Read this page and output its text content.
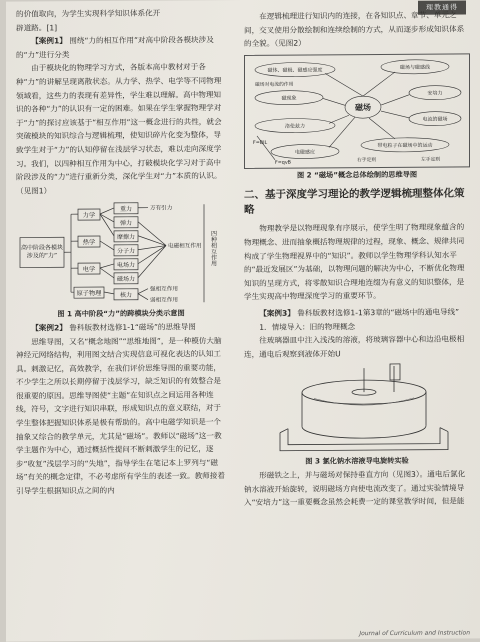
理教通得

的价值取向，为学生实现科学知识体系化开

辟道路。[1]

【案例1】 围绕“力的相互作用”对高中阶段各模块涉及的“力”进行分类

由于模块化的物理学习方式，各版本高中教材对于各种“力”的讲解呈现离散状态。从力学、热学、电学等不同物理领域看，这些力的表现有差异性，学生难以理解。高中物理知识的各种“力”的认识有一定的困难。如果在学生掌握物理学对于“力”的探讨应该基于“相互作用”这一概念进行的共性，就会突破模块的知识综合与逻辑梳理，使知识碎片化变为整体，导致学生对于“力”的认知停留在浅层学习状态，难以走向深度学习。我们，以四种相互作用为中心，打破模块化学习对于高中阶段涉及的“力”进行重新分类，深化学生对“力”本质的认识。（见图1）

高中阶段各模块
涉及的“力”
力学
热学
电学
原子物理
重力
弹力
摩擦力
分子力
电场力
磁场力
核力
万有引力
电磁相互作用
强相互作用
弱相互作用
四种相互作用

图 1 高中阶段“力”的跨模块分类示意图

【案例2】 鲁科版教材选修1-1“磁场”的思维导图

思维导图，又名“概念地图”“思维地图”，是一种模仿大脑神经元网络结构，利用图文结合实现信息可视化表达的认知工具。刺激记忆，高效教学，在我们评价思维导图的重要功能，不少学生之所以长期停留于浅层学习，缺乏知识的有效整合是很重要的原因。思维导图使“主题”在知识点之间运用各种连线，符号，文字进行知识串联，形成知识点的意义联结，对于学生整体把握知识体系是极有帮助的。高中电磁学知识是一个抽象又综合的教学单元，尤其是“磁场”。教师以“磁场”这一教学主题作为中心，通过概括性提问不断刺激学生的记忆，逐步“收复”浅层学习的“失地”，指导学生在笔记本上罗列与“磁场”有关的概念定律，不必考虑所有学生的表述一致。教师接着引导学生根据知识点之间的内

在逻辑梳理进行知识内的连接，在各知识点、章节、单元之间，交叉使用分散绘制和连续绘制的方式，从而逐步形成知识体系的全貌。（见图2）

磁场
磁体、磁极、磁感应强度	磁场与磁感线
安培力
磁现象
电流的磁场
洛伦兹力
带电粒子在磁场中的运动
电磁感应
磁场对电流的作用
F=BIL
F=qvB
右手定则	左手定则

图 2 “磁场”概念总体绘制的思维导图

二、基于深度学习理论的教学逻辑梳理整体化策略

物理教学是以物理现象有序展示，使学生明了物理现象蕴含的物理概念、进而抽象概括物理规律的过程，现象、概念、规律共同构成了学生物理视界中的“知识”。教师以学生物理学科认知水平的“最近发展区”为基础，以物理问题的解决为中心，不断优化物理知识的呈现方式，将零散知识合理地连缀为有意义的知识整体，是学生实现高中物理深度学习的重要环节。

【案例3】 鲁科版教材选修1-1第3章的“磁场中的通电导线”

1．情境导入：旧的物理概念

往玻璃器皿中注入浅浅的溶液，将玻璃容器中心和边沿电极相连，通电后观察到液体开始U

图 3 氯化钠水溶液导电旋转实验

形磁铁之上，并与磁场对保持垂直方向（见图3）。通电后氯化钠水溶液开始旋转，说明磁场方向使电流改变了。通过实验情境导入“安培力”这一重要概念虽然会耗费一定的课堂教学时间，但是能

Journal of Curriculum and Instruction
